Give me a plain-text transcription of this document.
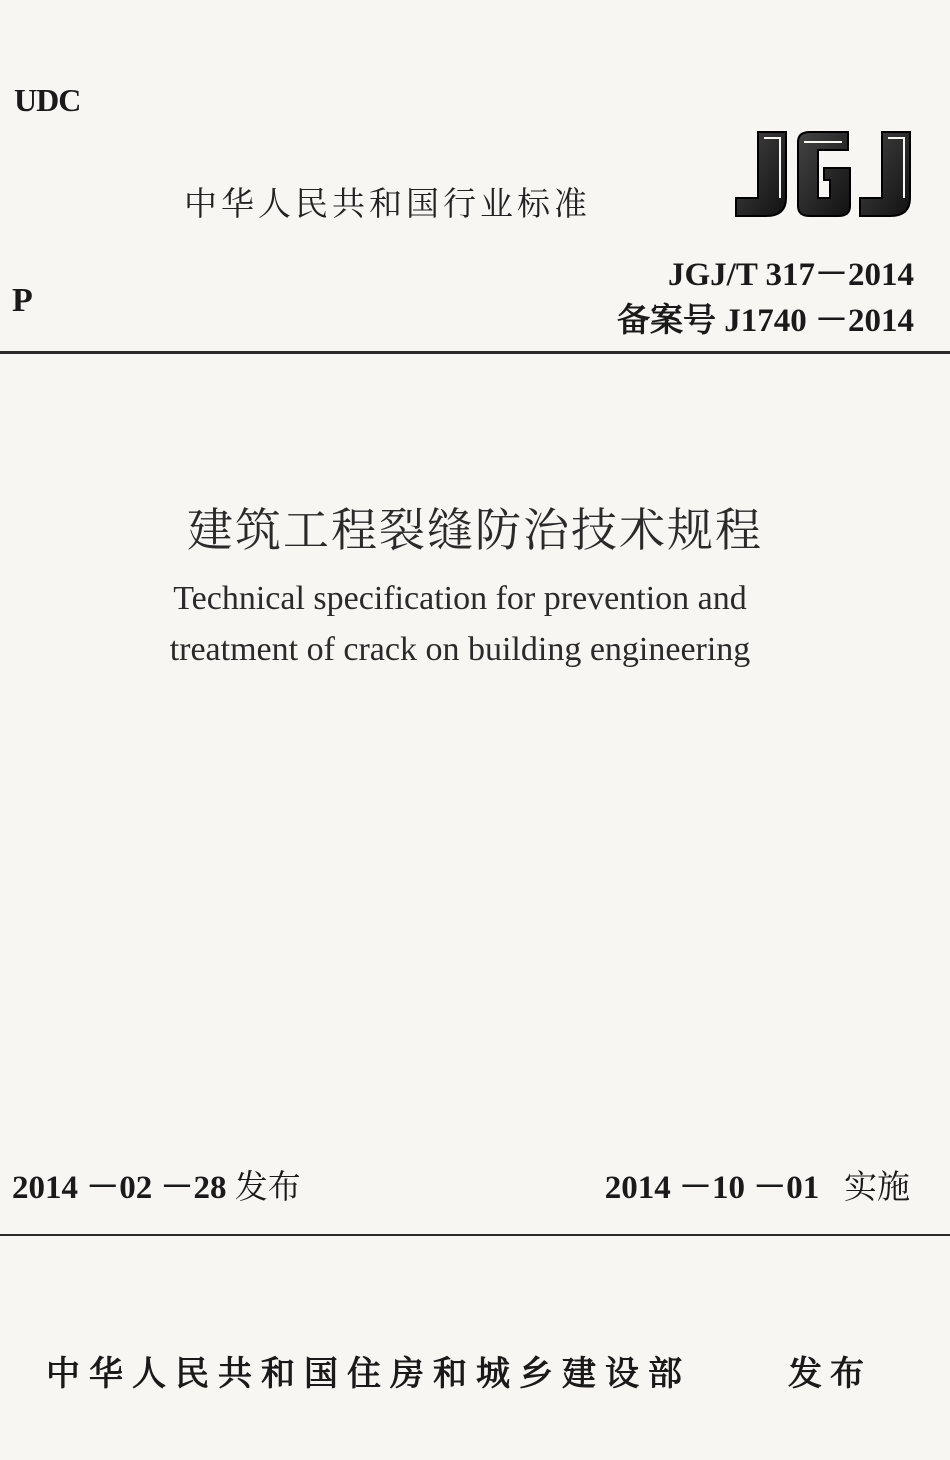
UDC
中华人民共和国行业标准
P
JGJ/T 317－2014
备案号 J1740 －2014
建筑工程裂缝防治技术规程
Technical specification for prevention and
treatment of crack on building engineering
2014 －02 －28 发布	2014 －10 －01 实施
中华人民共和国住房和城乡建设部	发布
